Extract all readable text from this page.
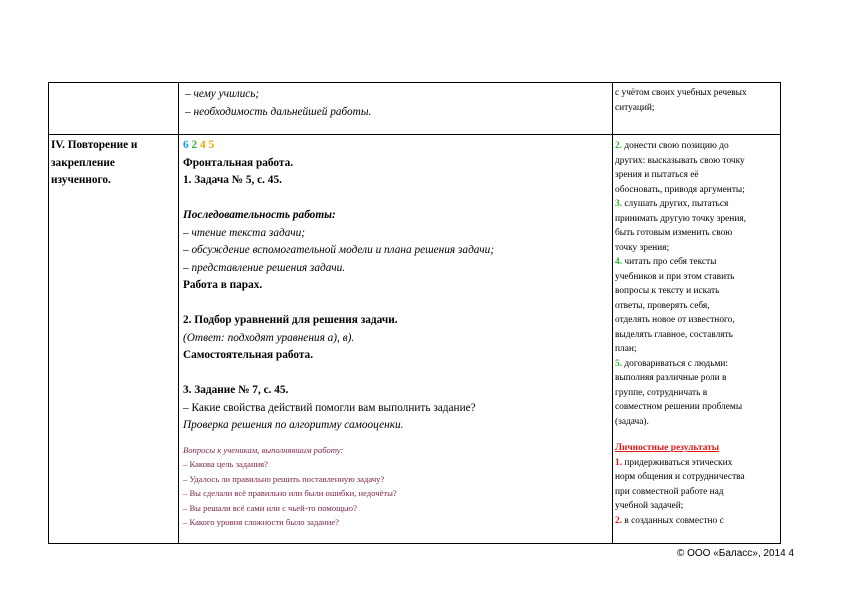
– чему учились;
– необходимость дальнейшей работы.
с учётом своих учебных речевых
ситуаций;
IV. Повторение и
закрепление
изученного.
6 2 4 5
Фронтальная работа.
1. Задача № 5, с. 45.
Последовательность работы:
– чтение текста задачи;
– обсуждение вспомогательной модели и плана решения задачи;
– представление решения задачи.
Работа в парах.
2. Подбор уравнений для решения задачи.
(Ответ: подходят уравнения а), в).
Самостоятельная работа.
3. Задание № 7, с. 45.
– Какие свойства действий помогли вам выполнить задание?
Проверка решения по алгоритму самооценки.
Вопросы к ученикам, выполнявшим работу:
– Какова цель задания?
– Удалось ли правильно решить поставленную задачу?
– Вы сделали всё правильно или были ошибки, недочёты?
– Вы решали всё сами или с чьей-то помощью?
– Какого уровня сложности было задание?
2. донести свою позицию до
других: высказывать свою точку
зрения и пытаться её
обосновать, приводя аргументы;
3. слушать других, пытаться
принимать другую точку зрения,
быть готовым изменить свою
точку зрения;
4. читать про себя тексты
учебников и при этом ставить
вопросы к тексту и искать
ответы, проверять себя,
отделять новое от известного,
выделять главное, составлять
план;
5. договариваться с людьми:
выполняя различные роли в
группе, сотрудничать в
совместном решении проблемы
(задача).
Личностные результаты
1. придерживаться этических
норм общения и сотрудничества
при совместной работе над
учебной задачей;
2. в созданных совместно с
© ООО «Баласс», 2014 4
